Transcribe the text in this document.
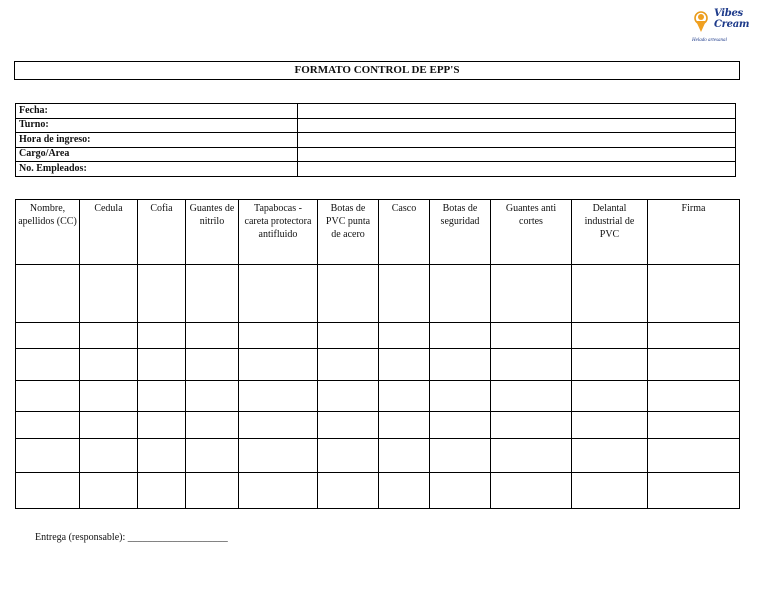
Vibes
Cream
Helado artesanal
FORMATO CONTROL DE EPP'S
Fecha:	
Turno:	
Hora de ingreso:	
Cargo/Area	
No. Empleados:	
Nombre, apellidos (CC)	Cedula	Cofia	Guantes de nitrilo	Tapabocas - careta protectora antifluido	Botas de PVC punta de acero	Casco	Botas de seguridad	Guantes anti cortes	Delantal industrial de PVC	Firma

Entrega (responsable): ____________________
